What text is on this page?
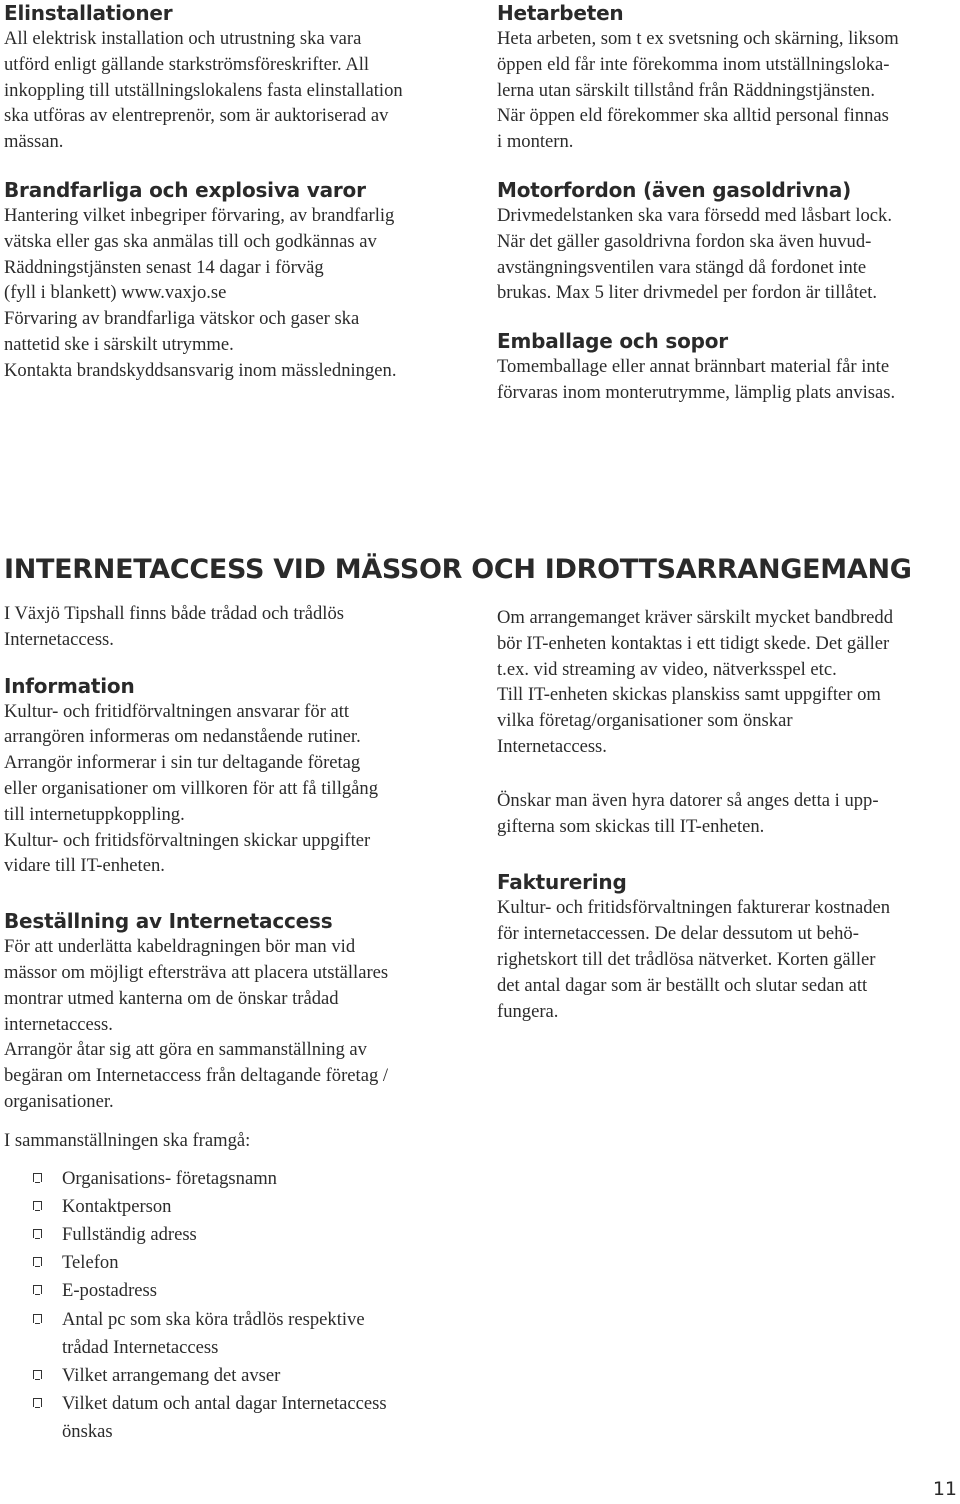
Elinstallationer

All elektrisk installation och utrustning ska vara
utförd enligt gällande starkströmsföreskrifter. All
inkoppling till utställningslokalens fasta elinstallation
ska utföras av elentreprenör, som är auktoriserad av
mässan.

Brandfarliga och explosiva varor

Hantering vilket inbegriper förvaring, av brandfarlig
vätska eller gas ska anmälas till och godkännas av
Räddningstjänsten senast 14 dagar i förväg
(fyll i blankett) www.vaxjo.se
Förvaring av brandfarliga vätskor och gaser ska
nattetid ske i särskilt utrymme.
Kontakta brandskyddsansvarig inom mässledningen.

Hetarbeten

Heta arbeten, som t ex svetsning och skärning, liksom
öppen eld får inte förekomma inom utställningsloka-
lerna utan särskilt tillstånd från Räddningstjänsten.
När öppen eld förekommer ska alltid personal finnas
i montern.

Motorfordon (även gasoldrivna)

Drivmedelstanken ska vara försedd med låsbart lock.
När det gäller gasoldrivna fordon ska även huvud-
avstängningsventilen vara stängd då fordonet inte
brukas. Max 5 liter drivmedel per fordon är tillåtet.

Emballage och sopor

Tomemballage eller annat brännbart material får inte
förvaras inom monterutrymme, lämplig plats anvisas.

INTERNETACCESS VID MÄSSOR OCH IDROTTSARRANGEMANG

I Växjö Tipshall finns både trådad och trådlös
Internetaccess.

Information

Kultur- och fritidförvaltningen ansvarar för att
arrangören informeras om nedanstående rutiner.
Arrangör informerar i sin tur deltagande företag
eller organisationer om villkoren för att få tillgång
till internetuppkoppling.
Kultur- och fritidsförvaltningen skickar uppgifter
vidare till IT-enheten.

Beställning av Internetaccess

För att underlätta kabeldragningen bör man vid
mässor om möjligt eftersträva att placera utställares
montrar utmed kanterna om de önskar trådad
internetaccess.
Arrangör åtar sig att göra en sammanställning av
begäran om Internetaccess från deltagande företag /
organisationer.

I sammanställningen ska framgå:

Organisations- företagsnamn
Kontaktperson
Fullständig adress
Telefon
E-postadress
Antal pc som ska köra trådlös respektive
trådad Internetaccess
Vilket arrangemang det avser
Vilket datum och antal dagar Internetaccess
önskas

Om arrangemanget kräver särskilt mycket bandbredd
bör IT-enheten kontaktas i ett tidigt skede. Det gäller
t.ex. vid streaming av video, nätverksspel etc.
Till IT-enheten skickas planskiss samt uppgifter om
vilka företag/organisationer som önskar
Internetaccess.

Önskar man även hyra datorer så anges detta i upp-
gifterna som skickas till IT-enheten.

Fakturering

Kultur- och fritidsförvaltningen fakturerar kostnaden
för internetaccessen. De delar dessutom ut behö-
righetskort till det trådlösa nätverket. Korten gäller
det antal dagar som är beställt och slutar sedan att
fungera.

11
